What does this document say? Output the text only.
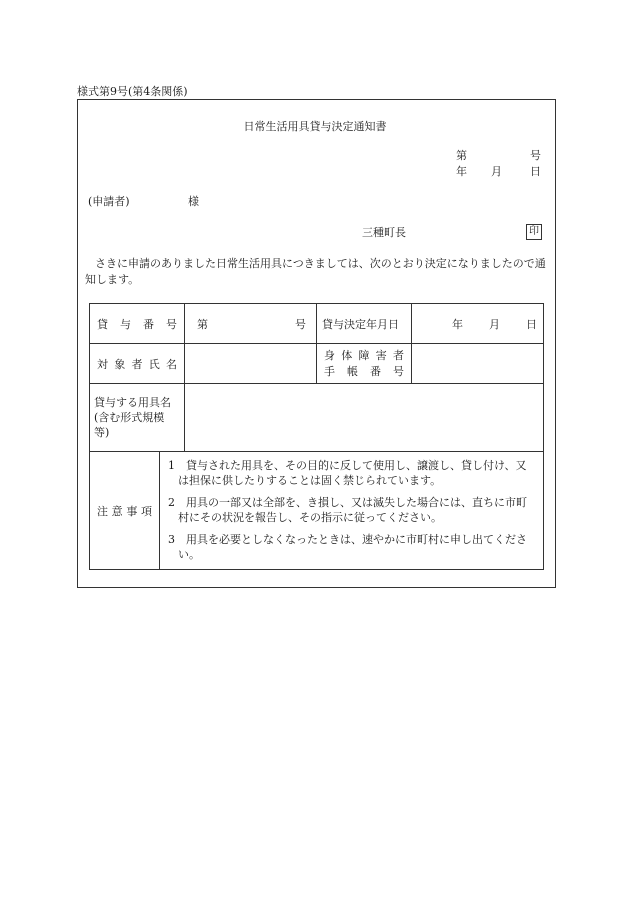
様式第9号(第4条関係)
日常生活用具貸与決定通知書
第	号
年 月	日
(申請者)	様
三種町長	印
さきに申請のありました日常生活用具につきましては、次のとおり決定になりましたので通知します。
貸与番号		第 号	貸与決定年月日	年 月 日

対象者氏名			身体障害者
手帳番号	

貸与する用具名
(含む形式規模
等)				

注意事項	1　貸与された用具を、その目的に反して使用し、譲渡し、貸し付け、又は担保に供したりすることは固く禁じられています。
2　用具の一部又は全部を、き損し、又は滅失した場合には、直ちに市町村にその状況を報告し、その指示に従ってください。
3　用具を必要としなくなったときは、速やかに市町村に申し出てください。			
